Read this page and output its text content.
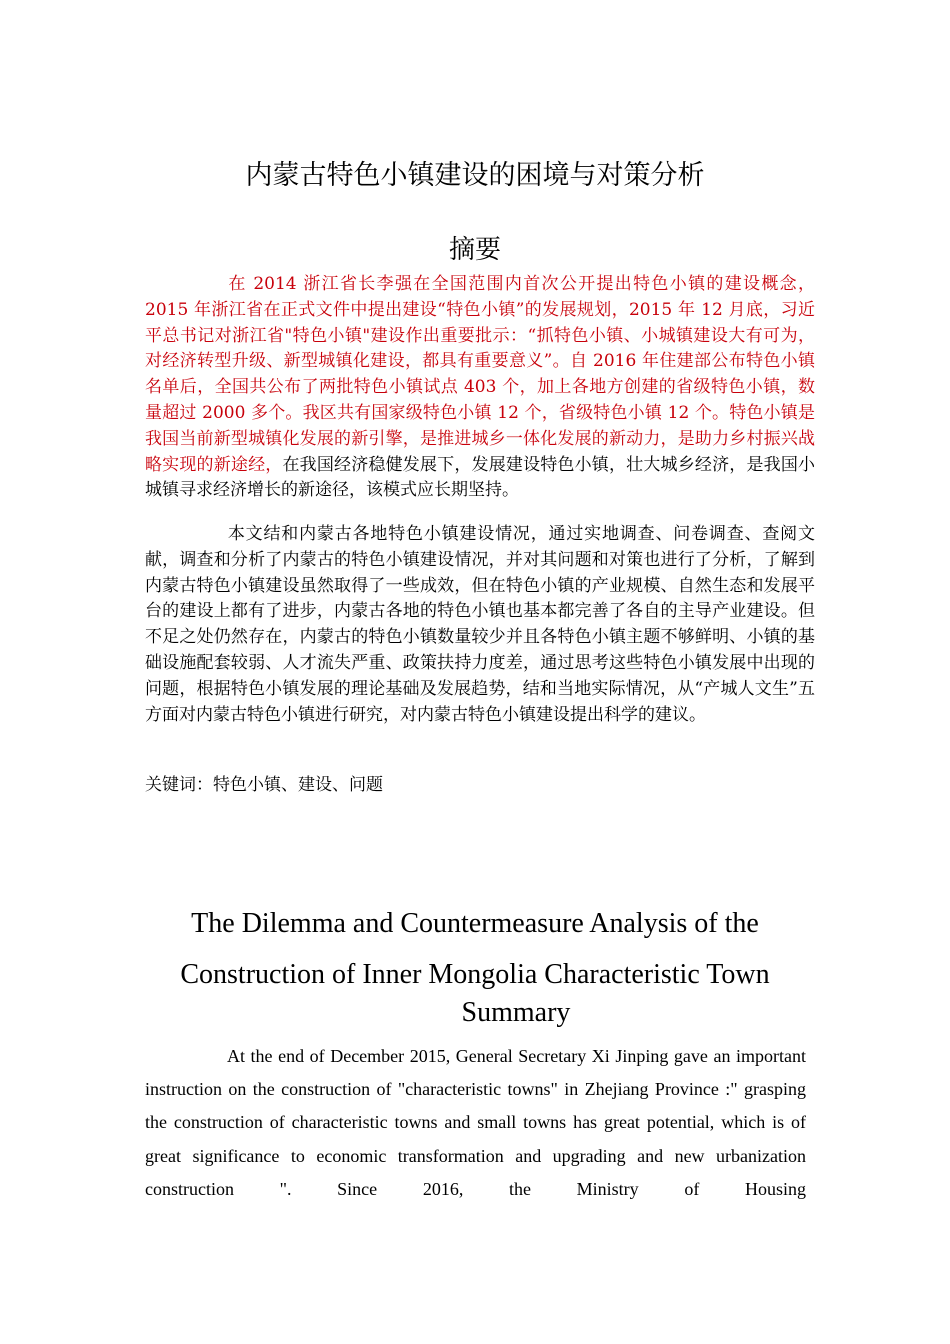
内蒙古特色小镇建设的困境与对策分析
摘要

在 2014 浙江省长李强在全国范围内首次公开提出特色小镇的建设概念，2015 年浙江省在正式文件中提出建设“特色小镇”的发展规划，2015 年 12 月底，习近平总书记对浙江省"特色小镇"建设作出重要批示：“抓特色小镇、小城镇建设大有可为，对经济转型升级、新型城镇化建设，都具有重要意义”。自 2016 年住建部公布特色小镇名单后，全国共公布了两批特色小镇试点 403 个，加上各地方创建的省级特色小镇，数量超过 2000 多个。我区共有国家级特色小镇 12 个，省级特色小镇 12 个。特色小镇是我国当前新型城镇化发展的新引擎，是推进城乡一体化发展的新动力，是助力乡村振兴战略实现的新途经，在我国经济稳健发展下，发展建设特色小镇，壮大城乡经济，是我国小城镇寻求经济增长的新途径，该模式应长期坚持。

本文结和内蒙古各地特色小镇建设情况，通过实地调查、问卷调查、查阅文献，调查和分析了内蒙古的特色小镇建设情况，并对其问题和对策也进行了分析，了解到内蒙古特色小镇建设虽然取得了一些成效，但在特色小镇的产业规模、自然生态和发展平台的建设上都有了进步，内蒙古各地的特色小镇也基本都完善了各自的主导产业建设。但不足之处仍然存在，内蒙古的特色小镇数量较少并且各特色小镇主题不够鲜明、小镇的基础设施配套较弱、人才流失严重、政策扶持力度差，通过思考这些特色小镇发展中出现的问题，根据特色小镇发展的理论基础及发展趋势，结和当地实际情况，从“产城人文生”五方面对内蒙古特色小镇进行研究，对内蒙古特色小镇建设提出科学的建议。

关键词：特色小镇、建设、问题

The Dilemma and Countermeasure Analysis of the Construction of Inner Mongolia Characteristic Town
Summary

At the end of December 2015, General Secretary Xi Jinping gave an important instruction on the construction of "characteristic towns" in Zhejiang Province :" grasping the construction of characteristic towns and small towns has great potential, which is of great significance to economic transformation and upgrading and new urbanization construction ". Since 2016, the Ministry of Housing
